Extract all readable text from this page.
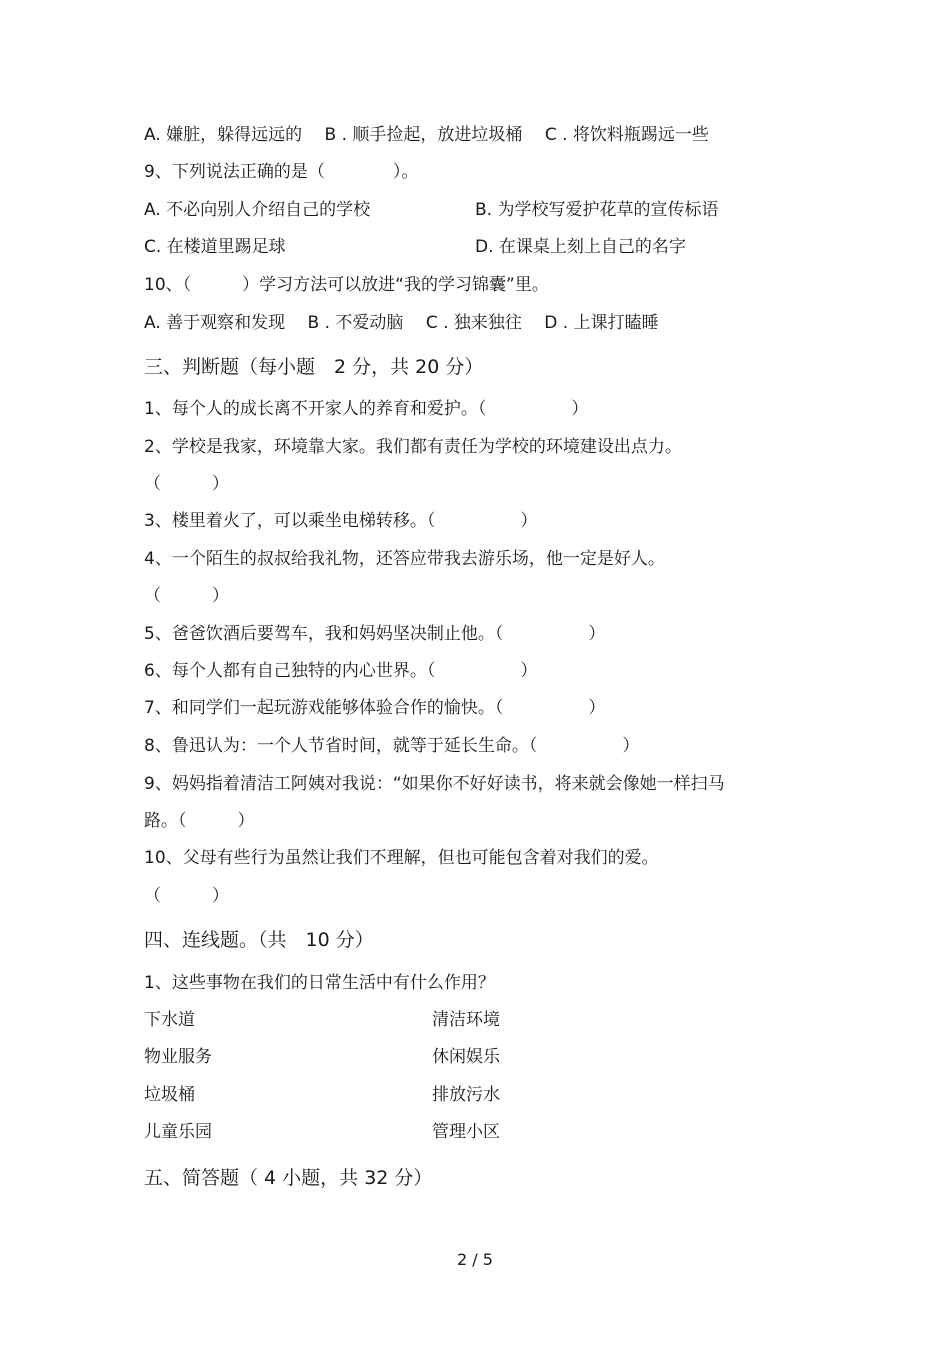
A. 嫌脏，躲得远远的　 B . 顺手捡起，放进垃圾桶　 C . 将饮料瓶踢远一些
9、下列说法正确的是（　　　　）。
A. 不必向别人介绍自己的学校	B. 为学校写爱护花草的宣传标语
C. 在楼道里踢足球	D. 在课桌上刻上自己的名字
10、（　　　）学习方法可以放进“我的学习锦囊”里。
A. 善于观察和发现　 B . 不爱动脑　 C . 独来独往　 D . 上课打瞌睡
三、判断题（每小题　2 分，共 20 分）
1、每个人的成长离不开家人的养育和爱护。（　　　　　）
2、学校是我家，环境靠大家。我们都有责任为学校的环境建设出点力。
（　　　）
3、楼里着火了，可以乘坐电梯转移。（　　　　　）
4、一个陌生的叔叔给我礼物，还答应带我去游乐场，他一定是好人。
（　　　）
5、爸爸饮酒后要驾车，我和妈妈坚决制止他。（　　　　　）
6、每个人都有自己独特的内心世界。（　　　　　）
7、和同学们一起玩游戏能够体验合作的愉快。（　　　　　）
8、鲁迅认为：一个人节省时间，就等于延长生命。（　　　　　）
9、妈妈指着清洁工阿姨对我说：“如果你不好好读书，将来就会像她一样扫马
路。（　　　）
10、父母有些行为虽然让我们不理解，但也可能包含着对我们的爱。
（　　　）
四、连线题。（共　10 分）
1、这些事物在我们的日常生活中有什么作用？
下水道	清洁环境
物业服务	休闲娱乐
垃圾桶	排放污水
儿童乐园	管理小区
五、简答题（ 4 小题，共 32 分）
2 / 5
